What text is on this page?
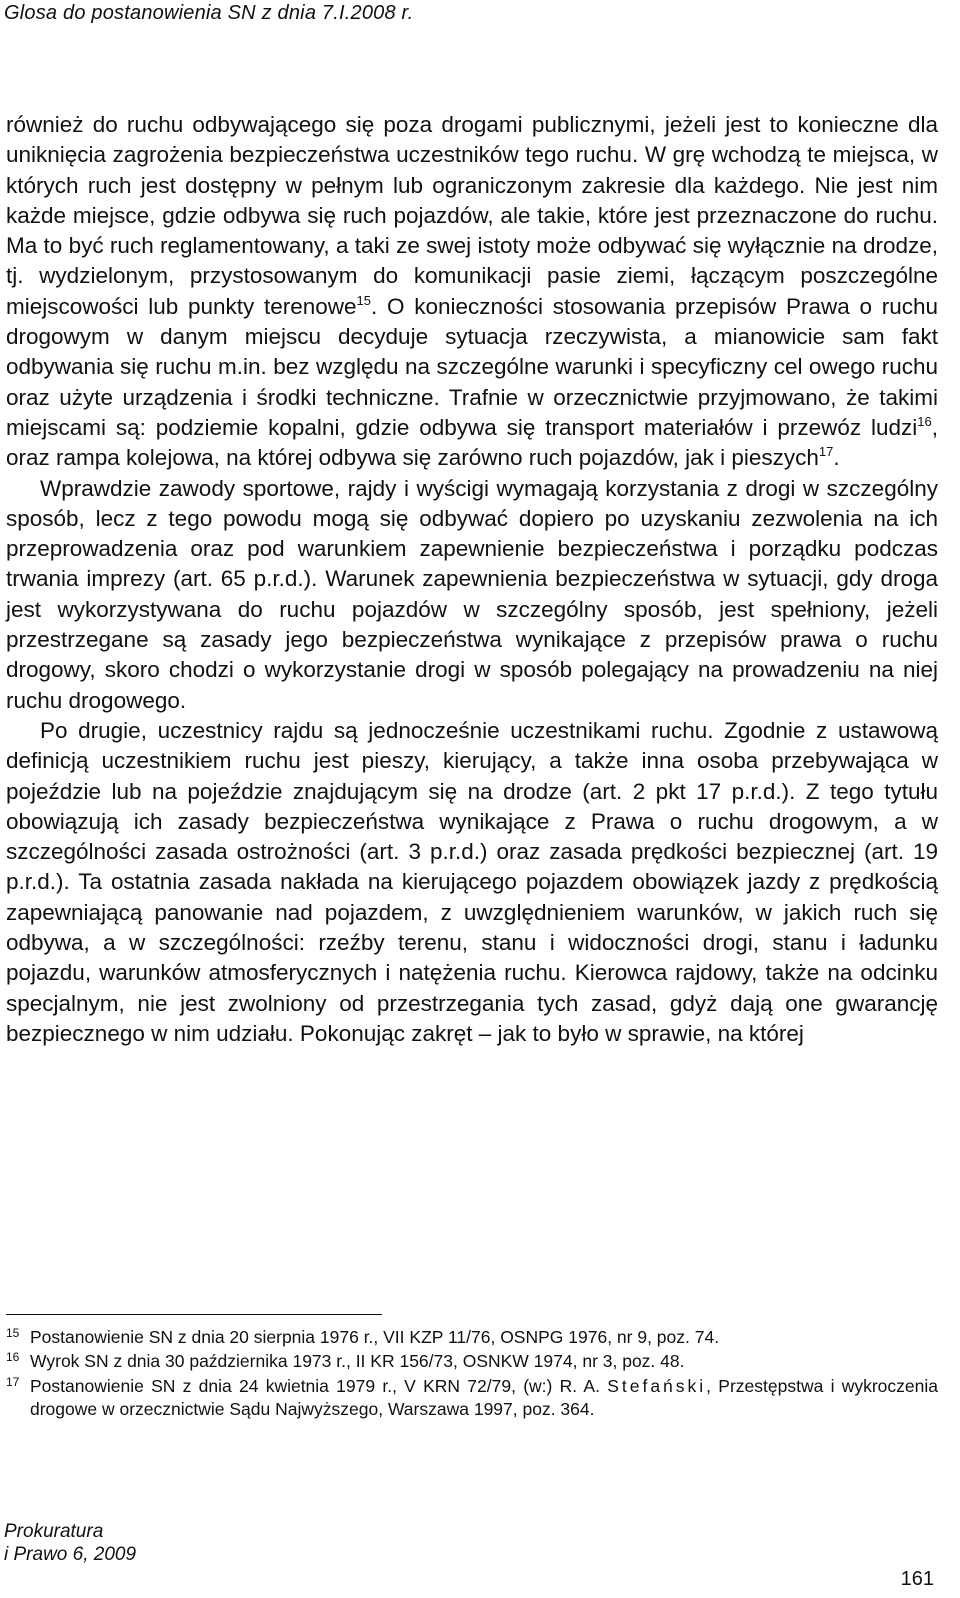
Glosa do postanowienia SN z dnia 7.I.2008 r.

również do ruchu odbywającego się poza drogami publicznymi, jeżeli jest to konieczne dla uniknięcia zagrożenia bezpieczeństwa uczestników tego ruchu. W grę wchodzą te miejsca, w których ruch jest dostępny w pełnym lub ograniczonym zakresie dla każdego. Nie jest nim każde miejsce, gdzie odbywa się ruch pojazdów, ale takie, które jest przeznaczone do ruchu. Ma to być ruch reglamentowany, a taki ze swej istoty może odbywać się wyłącznie na drodze, tj. wydzielonym, przystosowanym do komunikacji pasie ziemi, łączącym poszczególne miejscowości lub punkty terenowe$^{15}$. O konieczności stosowania przepisów Prawa o ruchu drogowym w danym miejscu decyduje sytuacja rzeczywista, a mianowicie sam fakt odbywania się ruchu m.in. bez względu na szczególne warunki i specyficzny cel owego ruchu oraz użyte urządzenia i środki techniczne. Trafnie w orzecznictwie przyjmowano, że takimi miejscami są: podziemie kopalni, gdzie odbywa się transport materiałów i przewóz ludzi$^{16}$, oraz rampa kolejowa, na której odbywa się zarówno ruch pojazdów, jak i pieszych$^{17}$.

Wprawdzie zawody sportowe, rajdy i wyścigi wymagają korzystania z drogi w szczególny sposób, lecz z tego powodu mogą się odbywać dopiero po uzyskaniu zezwolenia na ich przeprowadzenia oraz pod warunkiem zapewnienie bezpieczeństwa i porządku podczas trwania imprezy (art. 65 p.r.d.). Warunek zapewnienia bezpieczeństwa w sytuacji, gdy droga jest wykorzystywana do ruchu pojazdów w szczególny sposób, jest spełniony, jeżeli przestrzegane są zasady jego bezpieczeństwa wynikające z przepisów prawa o ruchu drogowy, skoro chodzi o wykorzystanie drogi w sposób polegający na prowadzeniu na niej ruchu drogowego.

Po drugie, uczestnicy rajdu są jednocześnie uczestnikami ruchu. Zgodnie z ustawową definicją uczestnikiem ruchu jest pieszy, kierujący, a także inna osoba przebywająca w pojeździe lub na pojeździe znajdującym się na drodze (art. 2 pkt 17 p.r.d.). Z tego tytułu obowiązują ich zasady bezpieczeństwa wynikające z Prawa o ruchu drogowym, a w szczególności zasada ostrożności (art. 3 p.r.d.) oraz zasada prędkości bezpiecznej (art. 19 p.r.d.). Ta ostatnia zasada nakłada na kierującego pojazdem obowiązek jazdy z prędkością zapewniającą panowanie nad pojazdem, z uwzględnieniem warunków, w jakich ruch się odbywa, a w szczególności: rzeźby terenu, stanu i widoczności drogi, stanu i ładunku pojazdu, warunków atmosferycznych i natężenia ruchu. Kierowca rajdowy, także na odcinku specjalnym, nie jest zwolniony od przestrzegania tych zasad, gdyż dają one gwarancję bezpiecznego w nim udziału. Pokonując zakręt – jak to było w sprawie, na której

15 Postanowienie SN z dnia 20 sierpnia 1976 r., VII KZP 11/76, OSNPG 1976, nr 9, poz. 74.

16 Wyrok SN z dnia 30 października 1973 r., II KR 156/73, OSNKW 1974, nr 3, poz. 48.

17 Postanowienie SN z dnia 24 kwietnia 1979 r., V KRN 72/79, (w:) R. A. Stefański, Przestępstwa i wykroczenia drogowe w orzecznictwie Sądu Najwyższego, Warszawa 1997, poz. 364.

Prokuratura
i Prawo 6, 2009
161
